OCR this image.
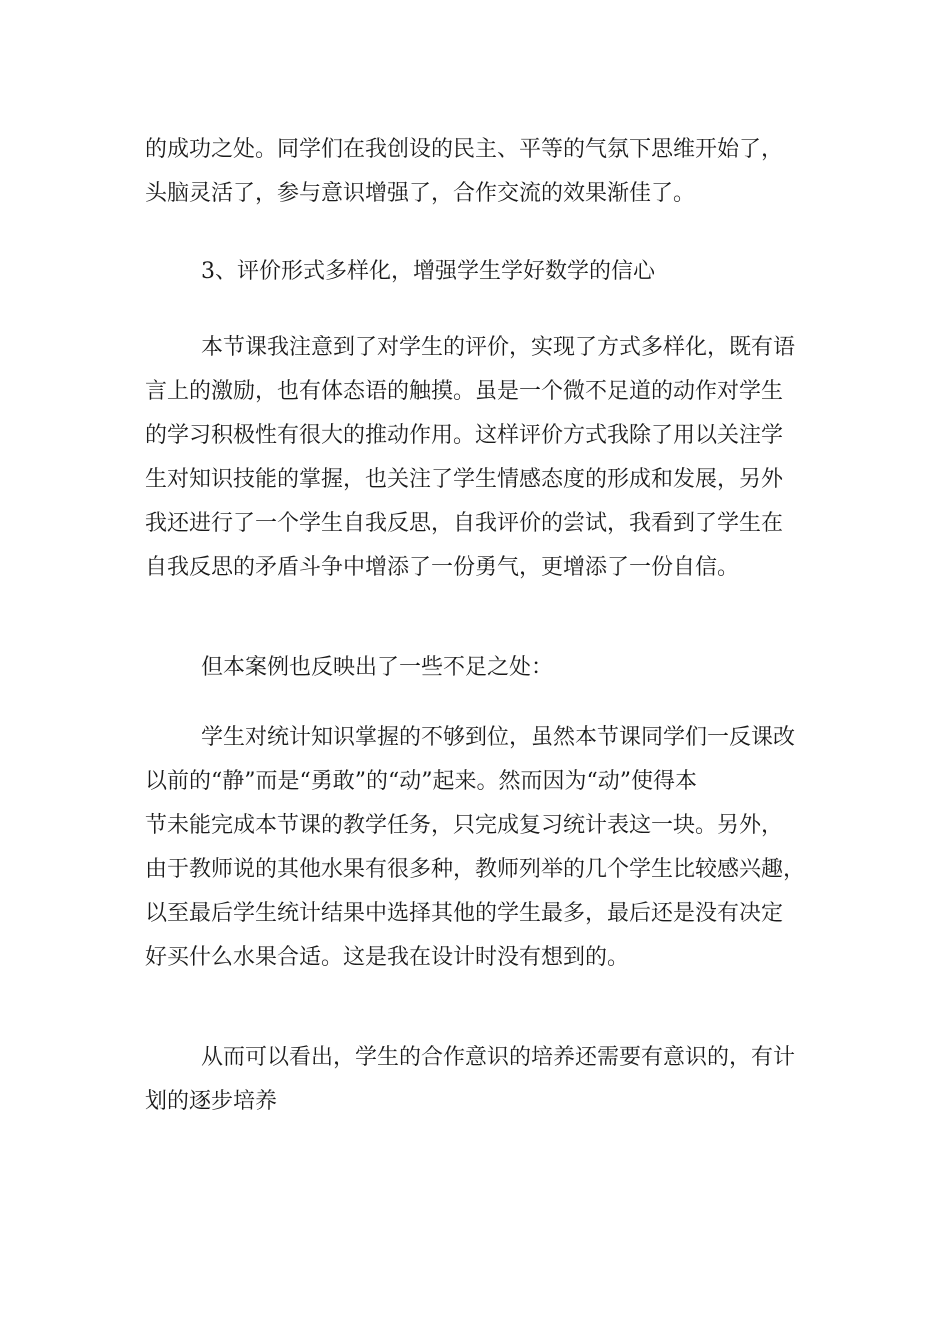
的成功之处。同学们在我创设的民主、平等的气氛下思维开始了，
头脑灵活了，参与意识增强了，合作交流的效果渐佳了。

3、评价形式多样化，增强学生学好数学的信心

本节课我注意到了对学生的评价，实现了方式多样化，既有语
言上的激励，也有体态语的触摸。虽是一个微不足道的动作对学生
的学习积极性有很大的推动作用。这样评价方式我除了用以关注学
生对知识技能的掌握，也关注了学生情感态度的形成和发展，另外
我还进行了一个学生自我反思，自我评价的尝试，我看到了学生在
自我反思的矛盾斗争中增添了一份勇气，更增添了一份自信。

但本案例也反映出了一些不足之处：

学生对统计知识掌握的不够到位，虽然本节课同学们一反课改
以前的“静”而是“勇敢”的“动”起来。然而因为“动”使得本
节未能完成本节课的教学任务，只完成复习统计表这一块。另外，
由于教师说的其他水果有很多种，教师列举的几个学生比较感兴趣，
以至最后学生统计结果中选择其他的学生最多，最后还是没有决定
好买什么水果合适。这是我在设计时没有想到的。

从而可以看出，学生的合作意识的培养还需要有意识的，有计
划的逐步培养
